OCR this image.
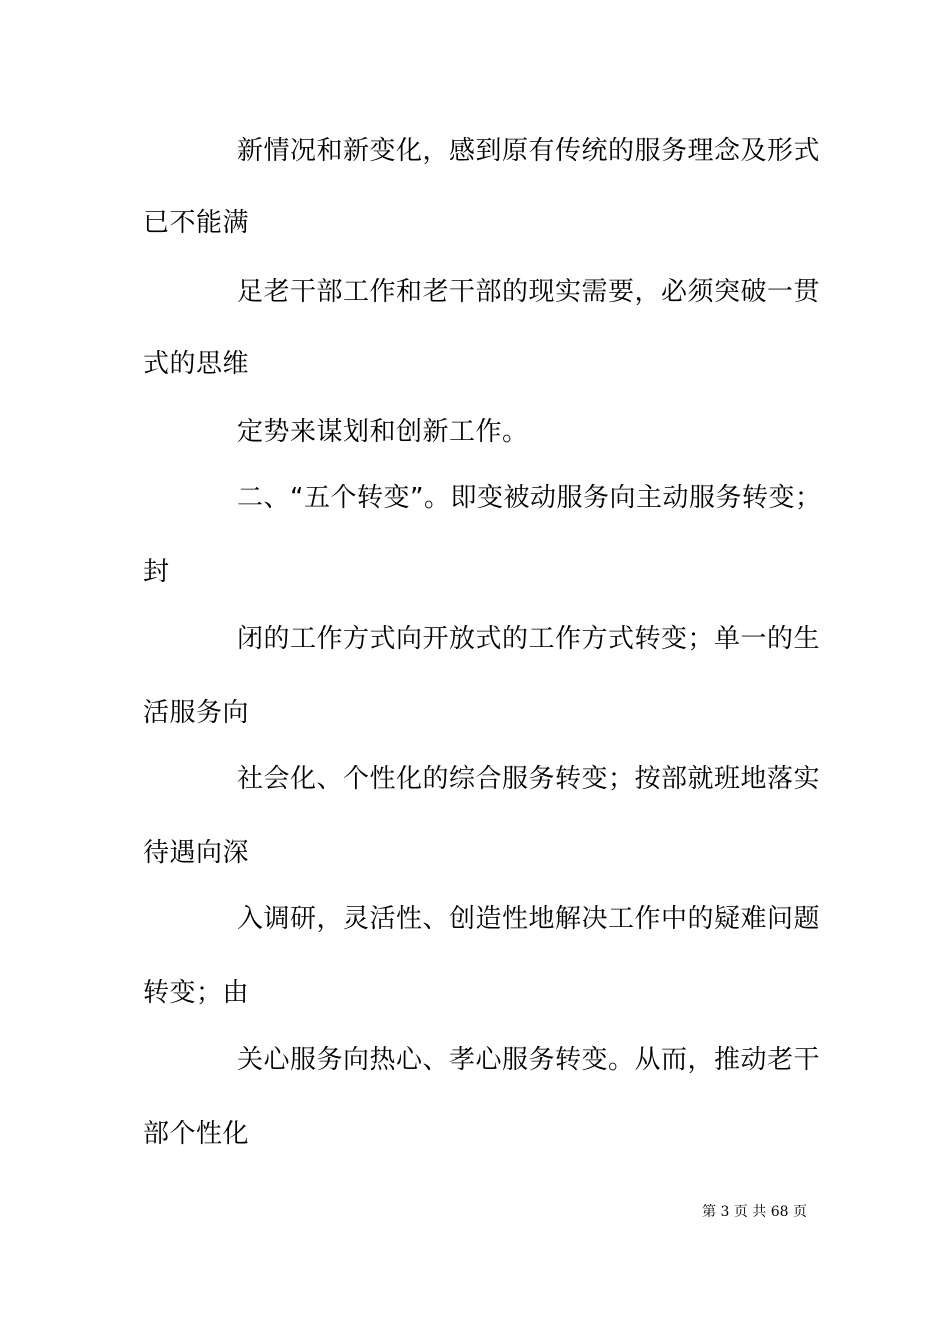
新情况和新变化，感到原有传统的服务理念及形式
已不能满
足老干部工作和老干部的现实需要，必须突破一贯
式的思维
定势来谋划和创新工作。
二、“五个转变”。即变被动服务向主动服务转变；
封
闭的工作方式向开放式的工作方式转变；单一的生
活服务向
社会化、个性化的综合服务转变；按部就班地落实
待遇向深
入调研，灵活性、创造性地解决工作中的疑难问题
转变；由
关心服务向热心、孝心服务转变。从而，推动老干
部个性化
第 3 页 共 68 页
